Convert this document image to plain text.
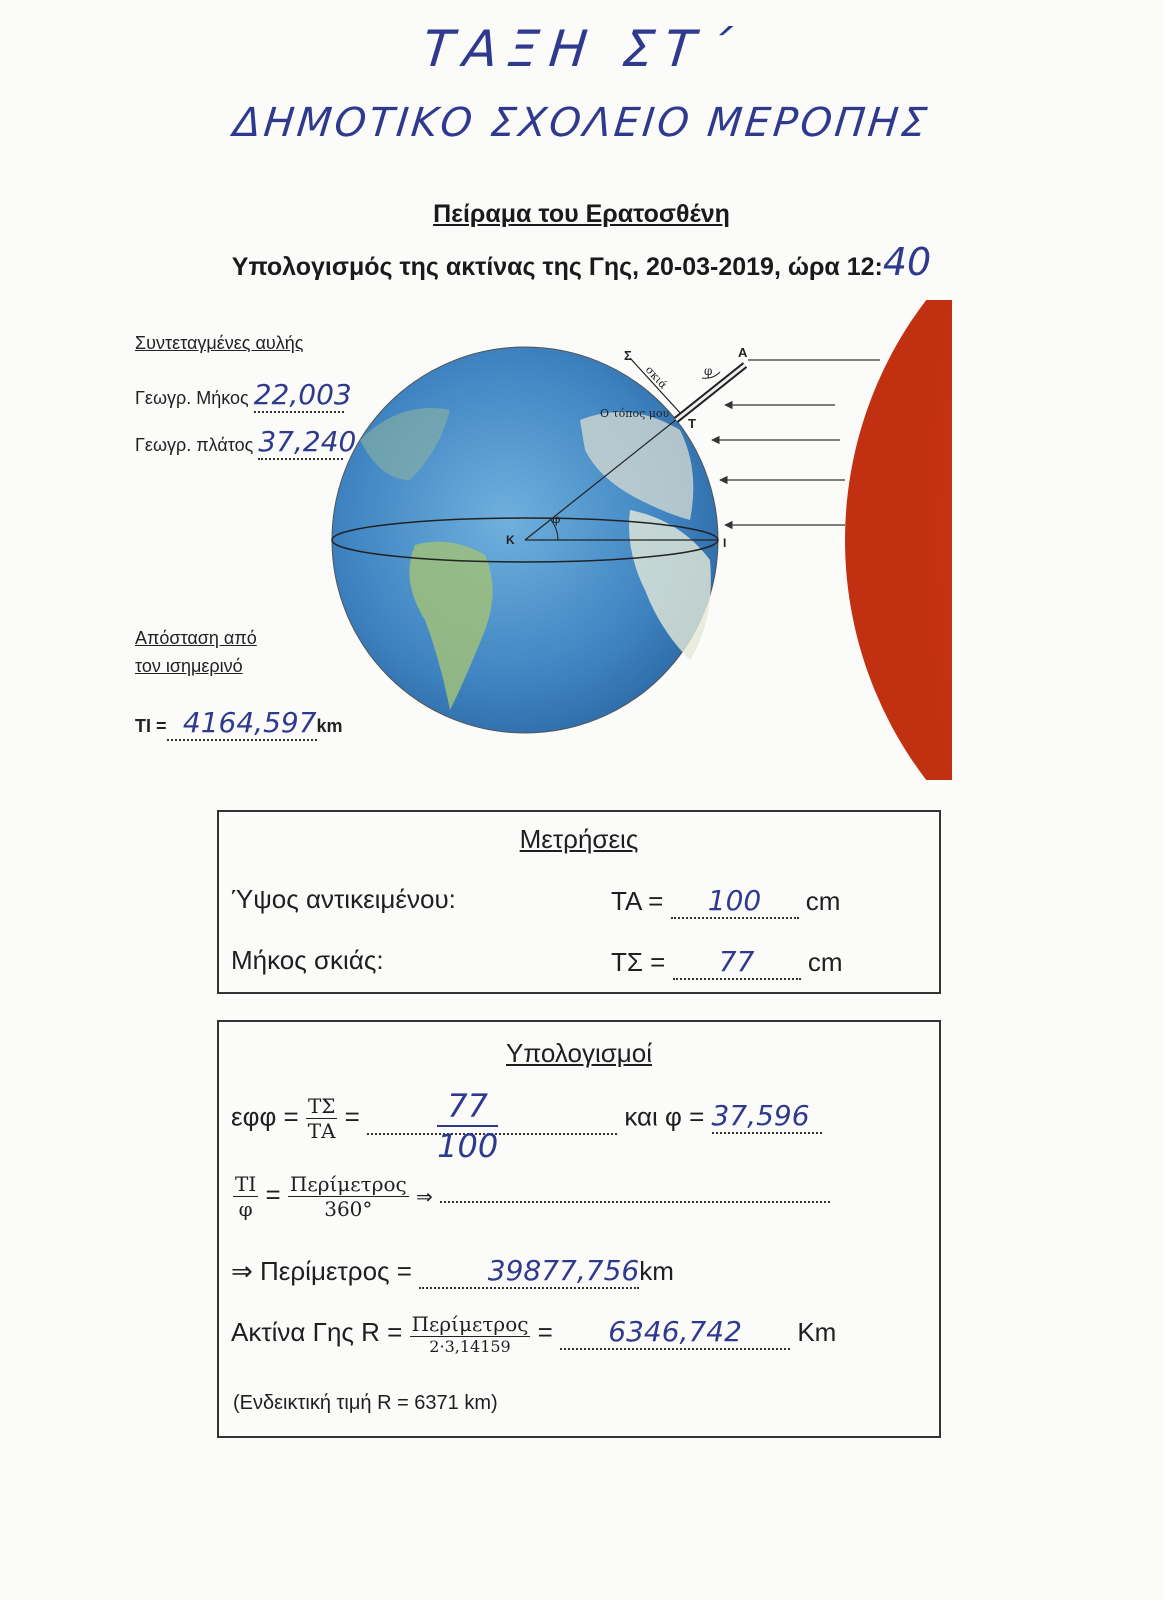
ΤΑΞΗ ΣΤ΄
ΔΗΜΟΤΙΚΟ ΣΧΟΛΕΙΟ ΜΕΡΟΠΗΣ
Πείραμα του Ερατοσθένη
Υπολογισμός της ακτίνας της Γης, 20-03-2019, ώρα 12:40
Σ	Α
σκιά	φ
Ο τόπος μου
Τ
φ
Κ	Ι
Συντεταγμένες αυλής
Γεωγρ. Μήκος 22,003
Γεωγρ. πλάτος 37,240
Απόσταση από
τον ισημερινό
ΤΙ = 4164,597km
Μετρήσεις
Ύψος αντικειμένου:	ΤΑ = 100 cm
Μήκος σκιάς:	ΤΣ = 77 cm
Υπολογισμοί
$\varepsilon\varphi\varphi = \frac{T\Sigma}{TA} = \frac{77}{100}$	και φ = 37,596
$\frac{TI}{\varphi} = \frac{\text{Περίμετρος}}{360^\circ}$ ⇒
⇒ Περίμετρος =	39877,756km
Ακτίνα Γης $R = \frac{\text{Περίμετρος}}{2\cdot 3,14159} = 6346,742$ Km
(Ενδεικτική τιμή R = 6371 km)
